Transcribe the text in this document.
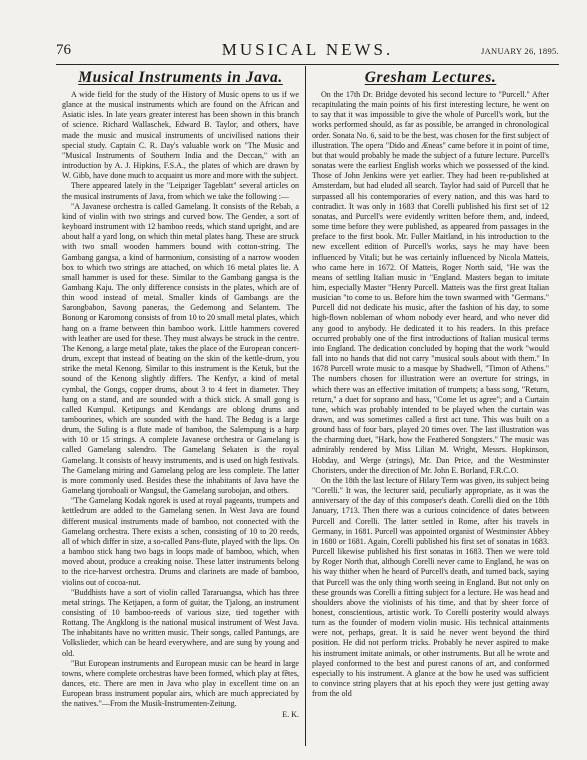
76	MUSICAL NEWS.	JANUARY 26, 1895.
Musical Instruments in Java.

A wide field for the study of the History of Music opens to us if we glance at the musical instruments which are found on the African and Asiatic isles. In late years greater interest has been shown in this branch of science. Richard Wallaschek, Edward B. Taylor, and others, have made the music and musical instruments of uncivilised nations their special study. Captain C. R. Day's valuable work on "The Music and "Musical Instruments of Southern India and the Deccan," with an introduction by A. J. Hipkins, F.S.A., the plates of which are drawn by W. Gibb, have done much to acquaint us more and more with the subject.

There appeared lately in the "Leipziger Tageblatt" several articles on the musical instruments of Java, from which we take the following :—

"A Javanese orchestra is called Gamelang. It consists of the Rebab, a kind of violin with two strings and curved bow. The Gender, a sort of keyboard instrument with 12 bamboo reeds, which stand upright, and are about half a yard long, on which thin metal plates hang. These are struck with two small wooden hammers bound with cotton-string. The Gambang gangsa, a kind of harmonium, consisting of a narrow wooden box to which two strings are attached, on which 16 metal plates lie. A small hammer is used for these. Similar to the Gambang gangsa is the Gambang Kaju. The only difference consists in the plates, which are of thin wood instead of metal. Smaller kinds of Gambangs are the Sarongbabon, Savong paneras, the Gedemong and Selantem. The Bonong or Karomong consists of from 10 to 20 small metal plates, which hang on a frame between thin bamboo work. Little hammers covered with leather are used for these. They must always be struck in the centre. The Kenong, a large metal plate, takes the place of the European concert-drum, except that instead of beating on the skin of the kettle-drum, you strike the metal Kenong. Similar to this instrument is the Ketuk, but the sound of the Kenong slightly differs. The Kenfyr, a kind of metal cymbal, the Gongs, copper drums, about 3 to 4 feet in diameter. They hang on a stand, and are sounded with a thick stick. A small gong is called Kumpul. Ketipungs and Kendangs are oblong drums and tambourines, which are sounded with the hand. The Bedug is a large drum, the Suling is a flute made of bamboo, the Salempung is a harp with 10 or 15 strings. A complete Javanese orchestra or Gamelang is called Gamelang salendro. The Gamelang Sekaten is the royal Gamelang. It consists of heavy instruments, and is used on high festivals. The Gamelang miring and Gamelang pelog are less complete. The latter is more commonly used. Besides these the inhabitants of Java have the Gamelang tjoroboali or Wangsul, the Gamelang surobojan, and others.

"The Gamelang Kodak ngorek is used at royal pageants, trumpets and kettledrum are added to the Gamelang senen. In West Java are found different musical instruments made of bamboo, not connected with the Gamelang orchestra. There exists a schen, consisting of 10 to 20 reeds, all of which differ in size, a so-called Pans-flute, played with the lips. On a bamboo stick hang two bags in loops made of bamboo, which, when moved about, produce a creaking noise. These latter instruments belong to the rice-harvest orchestra. Drums and clarinets are made of bamboo, violins out of cocoa-nut.

"Buddhists have a sort of violin called Tararuangsa, which has three metal strings. The Ketjapen, a form of guitar, the Tjalong, an instrument consisting of 10 bamboo-reeds of various size, tied together with Rottang. The Angklong is the national musical instrument of West Java. The inhabitants have no written music. Their songs, called Pantungs, are Volkslieder, which can be heard everywhere, and are sung by young and old.

"But European instruments and European music can be heard in large towns, where complete orchestras have been formed, which play at fêtes, dances, etc. There are men in Java who play in excellent time on an European brass instrument popular airs, which are much appreciated by the natives."—From the Musik-Instrumenten-Zeitung.

E. K.
Gresham Lectures.

On the 17th Dr. Bridge devoted his second lecture to "Purcell." After recapitulating the main points of his first interesting lecture, he went on to say that it was impossible to give the whole of Purcell's work, but the works performed should, as far as possible, be arranged in chronological order. Sonata No. 6, said to be the best, was chosen for the first subject of illustration. The opera "Dido and Æneas" came before it in point of time, but that would probably be made the subject of a future lecture. Purcell's sonatas were the earliest English works which we possessed of the kind. Those of John Jenkins were yet earlier. They had been re-published at Amsterdam, but had eluded all search. Taylor had said of Purcell that he surpassed all his contemporaries of every nation, and this was hard to contradict. It was only in 1683 that Corelli published his first set of 12 sonatas, and Purcell's were evidently written before them, and, indeed, some time before they were published, as appeared from passages in the preface to the first book. Mr. Fuller Maitland, in his introduction to the new excellent edition of Purcell's works, says he may have been influenced by Vitali; but he was certainly influenced by Nicola Matteis, who came here in 1672. Of Matteis, Roger North said, "He was the means of settling Italian music in "England. Masters began to imitate him, especially Master "Henry Purcell. Matteis was the first great Italian musician "to come to us. Before him the town swarmed with "Germans." Purcell did not dedicate his music, after the fashion of his day, to some high-flown nobleman of whom nobody ever heard, and who never did any good to anybody. He dedicated it to his readers. In this preface occurred probably one of the first introductions of Italian musical terms into England. The dedication concluded by hoping that the work "would fall into no hands that did not carry "musical souls about with them." In 1678 Purcell wrote music to a masque by Shadwell, "Timon of Athens." The numbers chosen for illustration were an overture for strings, in which there was an effective imitation of trumpets; a bass song, "Return, return," a duet for soprano and bass, "Come let us agree"; and a Curtain tune, which was probably intended to be played when the curtain was drawn, and was sometimes called a first act tune. This was built on a ground bass of four bars, played 20 times over. The last illustration was the charming duet, "Hark, how the Feathered Songsters." The music was admirably rendered by Miss Lilian M. Wright, Messrs. Hopkinson, Hobday, and Werge (strings), Mr. Dan Price, and the Westminster Choristers, under the direction of Mr. John E. Borland, F.R.C.O.

On the 18th the last lecture of Hilary Term was given, its subject being "Corelli." It was, the lecturer said, peculiarly appropriate, as it was the anniversary of the day of this composer's death. Corelli died on the 18th January, 1713. Then there was a curious coincidence of dates between Purcell and Corelli. The latter settled in Rome, after his travels in Germany, in 1681. Purcell was appointed organist of Westminster Abbey in 1680 or 1681. Again, Corelli published his first set of sonatas in 1683. Purcell likewise published his first sonatas in 1683. Then we were told by Roger North that, although Corelli never came to England, he was on his way thither when he heard of Purcell's death, and turned back, saying that Purcell was the only thing worth seeing in England. But not only on these grounds was Corelli a fitting subject for a lecture. He was head and shoulders above the violinists of his time, and that by sheer force of honest, conscientious, artistic work. To Corelli posterity would always turn as the founder of modern violin music. His technical attainments were not, perhaps, great. It is said he never went beyond the third position. He did not perform tricks. Probably he never aspired to make his instrument imitate animals, or other instruments. But all he wrote and played conformed to the best and purest canons of art, and conformed especially to his instrument. A glance at the bow he used was sufficient to convince string players that at his epoch they were just getting away from the old
